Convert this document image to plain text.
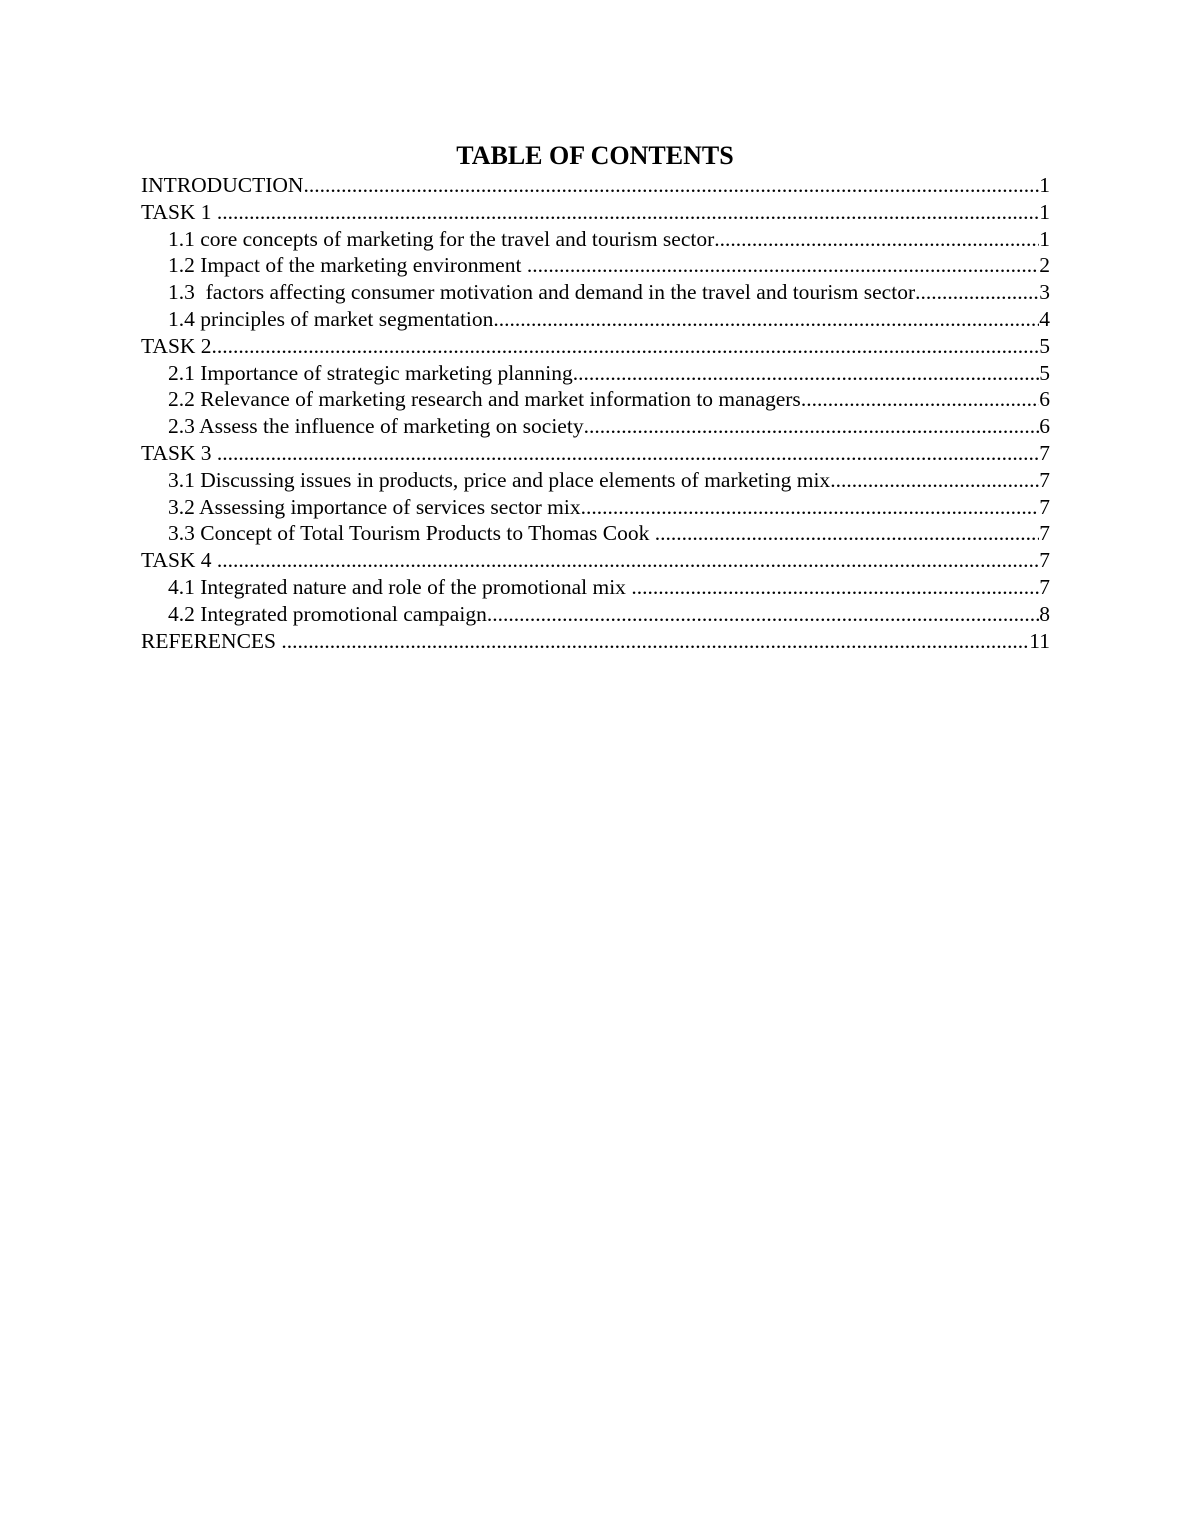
TABLE OF CONTENTS
INTRODUCTION .....	1
TASK 1 .....	1
1.1 core concepts of marketing for the travel and tourism sector .....	1
1.2 Impact of the marketing environment .....	2
1.3  factors affecting consumer motivation and demand in the travel and tourism sector .....	3
1.4 principles of market segmentation .....	4
TASK 2 .....	5
2.1 Importance of strategic marketing planning .....	5
2.2 Relevance of marketing research and market information to managers .....	6
2.3 Assess the influence of marketing on society .....	6
TASK 3 .....	7
3.1 Discussing issues in products, price and place elements of marketing mix .....	7
3.2 Assessing importance of services sector mix .....	7
3.3 Concept of Total Tourism Products to Thomas Cook .....	7
TASK 4 .....	7
4.1 Integrated nature and role of the promotional mix .....	7
4.2 Integrated promotional campaign .....	8
REFERENCES .....	11
